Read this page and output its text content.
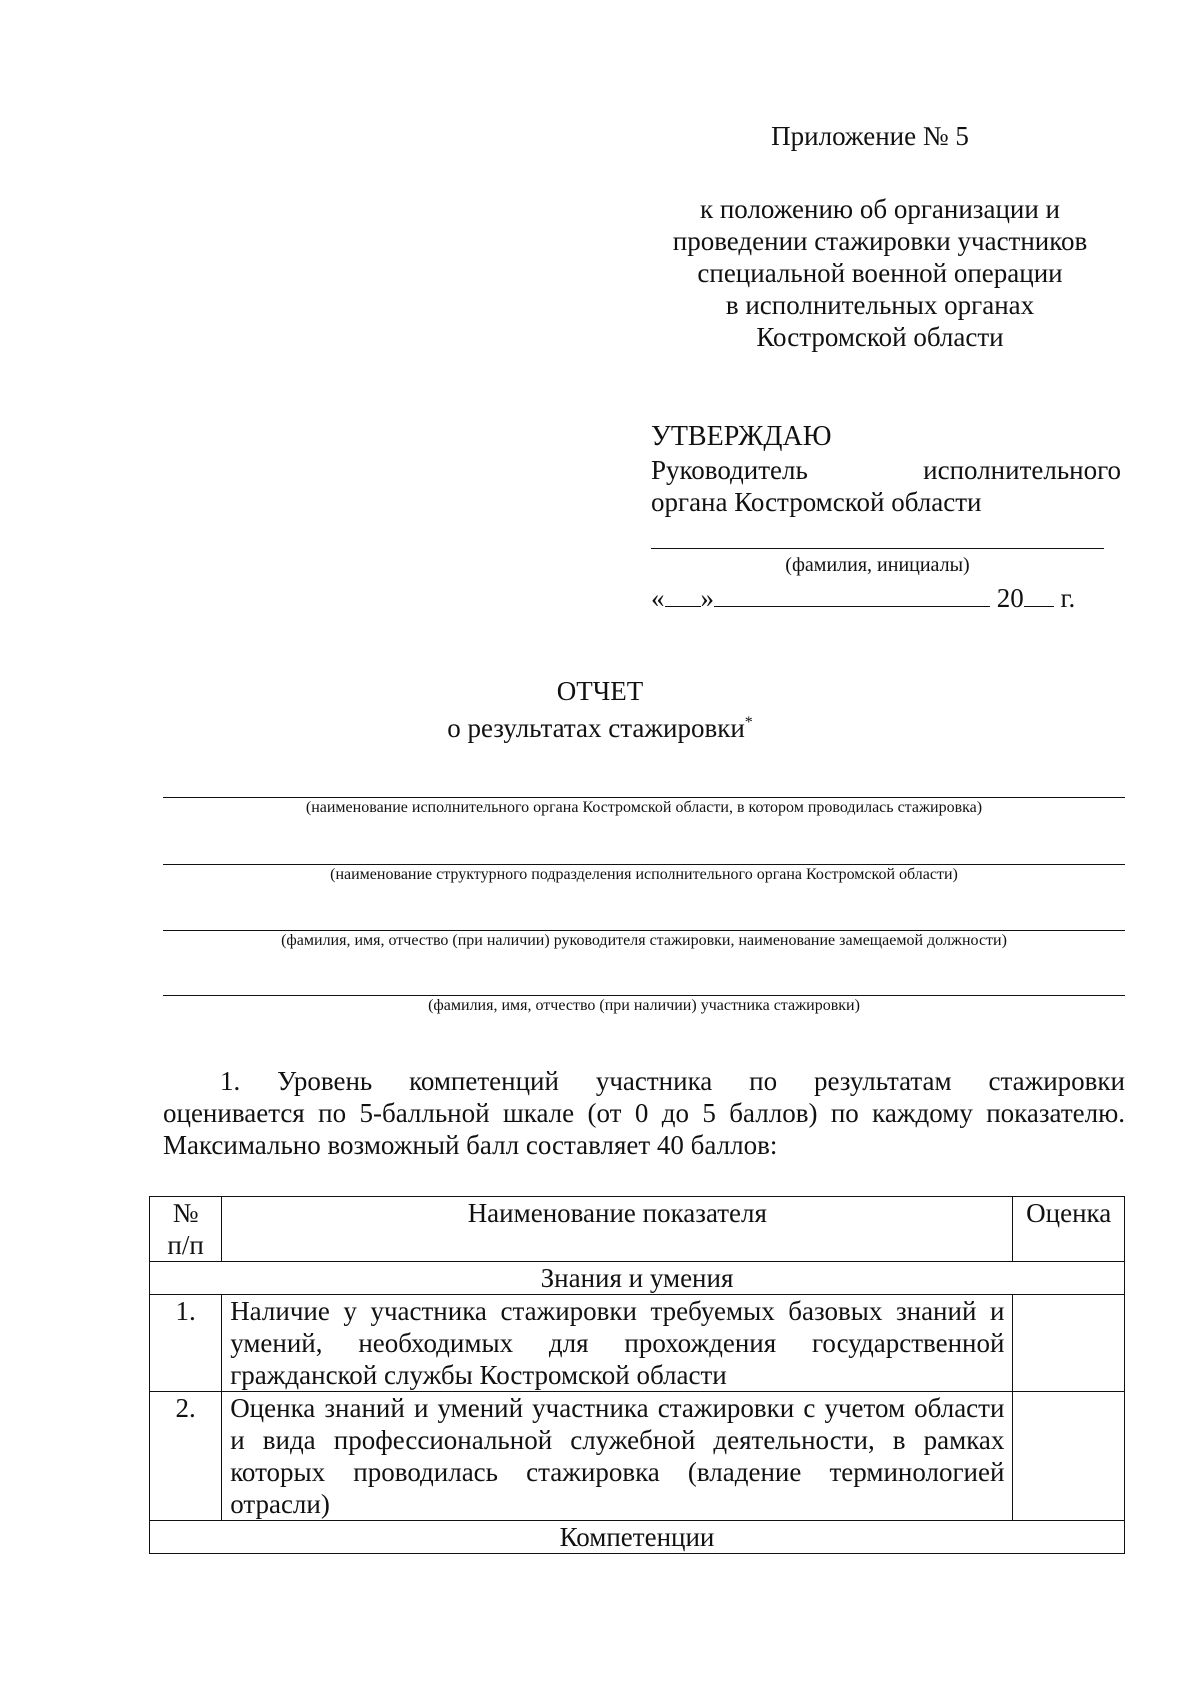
Приложение № 5
к положению об организации и
проведении стажировки участников
специальной военной операции
в исполнительных органах
Костромской области
УТВЕРЖДАЮ
Руководитель	исполнительного
органа Костромской области
(фамилия, инициалы)
« »	20 г.
ОТЧЕТ
о результатах стажировки*
(наименование исполнительного органа Костромской области, в котором проводилась стажировка)
(наименование структурного подразделения исполнительного органа Костромской области)
(фамилия, имя, отчество (при наличии) руководителя стажировки, наименование замещаемой должности)
(фамилия, имя, отчество (при наличии) участника стажировки)
1. Уровень компетенций участника по результатам стажировки
оценивается по 5-балльной шкале (от 0 до 5 баллов) по каждому показателю.
Максимально возможный балл составляет 40 баллов:
№
п/п	Наименование показателя	Оценка
Знания и умения		
1.	Наличие у участника стажировки требуемых базовых знаний и умений, необходимых для прохождения государственной гражданской службы Костромской области	
2.	Оценка знаний и умений участника стажировки с учетом области и вида профессиональной служебной деятельности, в рамках которых проводилась стажировка (владение терминологией отрасли)	
Компетенции		
